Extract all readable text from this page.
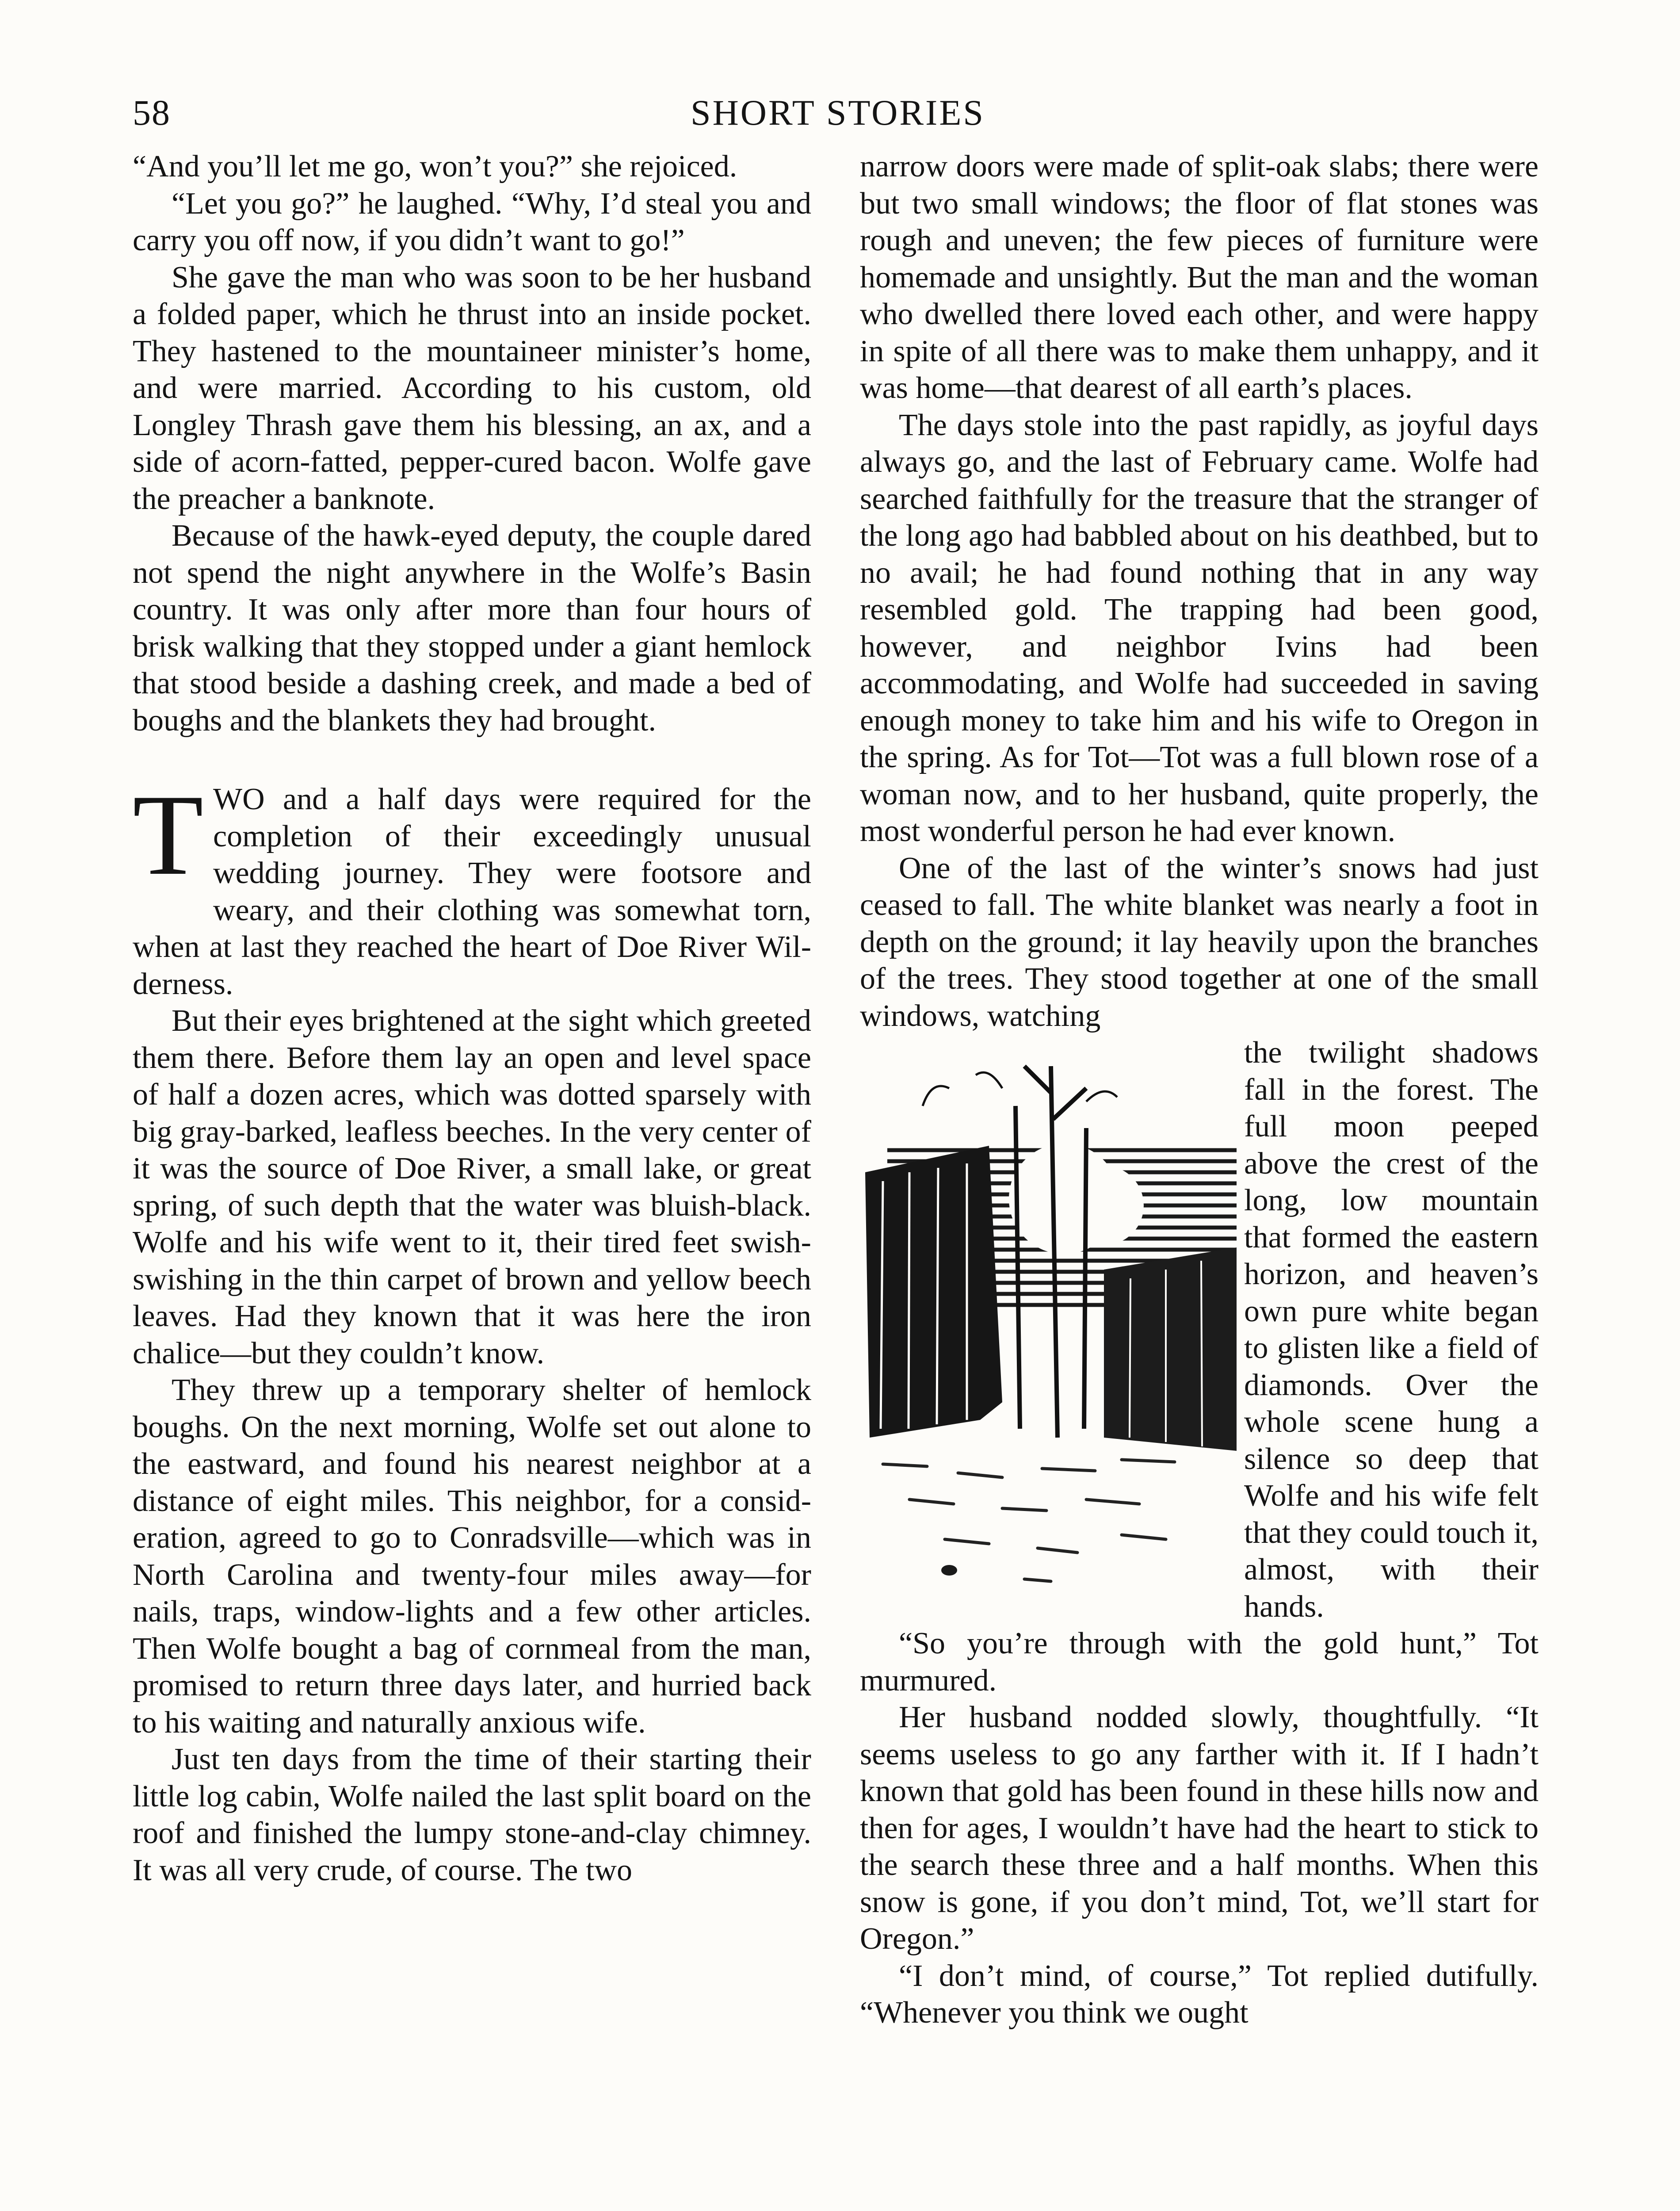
58	SHORT STORIES

“And you’ll let me go, won’t you?” she rejoiced.

“Let you go?” he laughed. “Why, I’d steal you and carry you off now, if you didn’t want to go!”

She gave the man who was soon to be her husband a folded paper, which he thrust into an inside pocket. They hastened to the mountaineer minister’s home, and were married. According to his custom, old Longley Thrash gave them his blessing, an ax, and a side of acorn-fatted, pepper-cured bacon. Wolfe gave the preacher a banknote.

Because of the hawk-eyed deputy, the couple dared not spend the night anywhere in the Wolfe’s Basin country. It was only after more than four hours of brisk walking that they stopped under a giant hemlock that stood beside a dashing creek, and made a bed of boughs and the blankets they had brought.

TWO and a half days were required for the completion of their exceedingly unusual wedding journey. They were footsore and weary, and their clothing was somewhat torn, when at last they reached the heart of Doe River Wilderness.

But their eyes brightened at the sight which greeted them there. Before them lay an open and level space of half a dozen acres, which was dotted sparsely with big gray-barked, leafless beeches. In the very center of it was the source of Doe River, a small lake, or great spring, of such depth that the water was bluish-black. Wolfe and his wife went to it, their tired feet swish-swishing in the thin carpet of brown and yellow beech leaves. Had they known that it was here the iron chalice—but they couldn’t know.

They threw up a temporary shelter of hemlock boughs. On the next morning, Wolfe set out alone to the eastward, and found his nearest neighbor at a distance of eight miles. This neighbor, for a consideration, agreed to go to Conradsville—which was in North Carolina and twenty-four miles away—for nails, traps, window-lights and a few other articles. Then Wolfe bought a bag of cornmeal from the man, promised to return three days later, and hurried back to his waiting and naturally anxious wife.

Just ten days from the time of their starting their little log cabin, Wolfe nailed the last split board on the roof and finished the lumpy stone-and-clay chimney. It was all very crude, of course. The two

narrow doors were made of split-oak slabs; there were but two small windows; the floor of flat stones was rough and uneven; the few pieces of furniture were homemade and unsightly. But the man and the woman who dwelled there loved each other, and were happy in spite of all there was to make them unhappy, and it was home—that dearest of all earth’s places.

The days stole into the past rapidly, as joyful days always go, and the last of February came. Wolfe had searched faithfully for the treasure that the stranger of the long ago had babbled about on his deathbed, but to no avail; he had found nothing that in any way resembled gold. The trapping had been good, however, and neighbor Ivins had been accommodating, and Wolfe had succeeded in saving enough money to take him and his wife to Oregon in the spring. As for Tot—Tot was a full blown rose of a woman now, and to her husband, quite properly, the most wonderful person he had ever known.

One of the last of the winter’s snows had just ceased to fall. The white blanket was nearly a foot in depth on the ground; it lay heavily upon the branches of the trees. They stood together at one of the small windows, watching

the twilight shadows fall in the forest. The full moon peeped above the crest of the long, low mountain that formed the eastern horizon, and heaven’s own pure white began to glisten like a field of diamonds. Over the whole scene hung a silence so deep that Wolfe and his wife felt that they could touch it, almost, with their hands.

“So you’re through with the gold hunt,” Tot murmured.

Her husband nodded slowly, thoughtfully. “It seems useless to go any farther with it. If I hadn’t known that gold has been found in these hills now and then for ages, I wouldn’t have had the heart to stick to the search these three and a half months. When this snow is gone, if you don’t mind, Tot, we’ll start for Oregon.”

“I don’t mind, of course,” Tot replied dutifully. “Whenever you think we ought
